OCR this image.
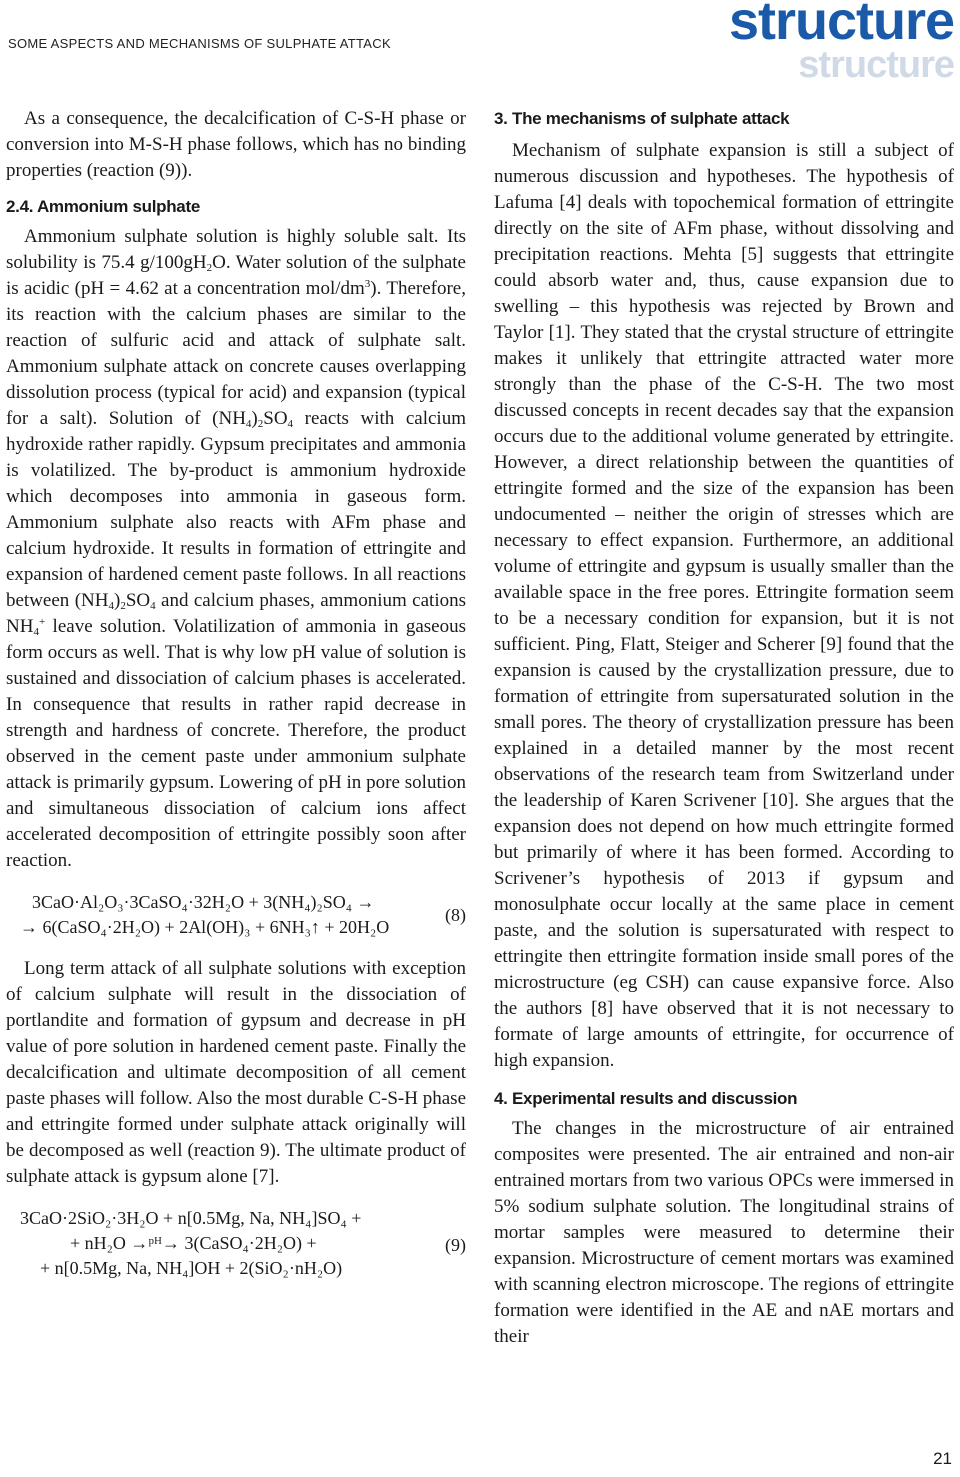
SOME ASPECTS AND MECHANISMS OF SULPHATE ATTACK
structure
structure

As a consequence, the decalcification of C-S-H phase or conversion into M-S-H phase follows, which has no binding properties (reaction (9)).

2.4. Ammonium sulphate

Ammonium sulphate solution is highly soluble salt. Its solubility is 75.4 $g/100gH_2O$. Water solution of the sulphate is acidic (pH = 4.62 at a concentration mol/$dm^3$). Therefore, its reaction with the calcium phases are similar to the reaction of sulfuric acid and attack of sulphate salt. Ammonium sulphate attack on concrete causes overlapping dissolution process (typical for acid) and expansion (typical for a salt). Solution of $(NH_4)_2SO_4$ reacts with calcium hydroxide rather rapidly. Gypsum precipitates and ammonia is volatilized. The by-product is ammonium hydroxide which decomposes into ammonia in gaseous form. Ammonium sulphate also reacts with AFm phase and calcium hydroxide. It results in formation of ettringite and expansion of hardened cement paste follows. In all reactions between $(NH_4)_2SO_4$ and calcium phases, ammonium cations $NH_4^+$ leave solution. Volatilization of ammonia in gaseous form occurs as well. That is why low pH value of solution is sustained and dissociation of calcium phases is accelerated. In consequence that results in rather rapid decrease in strength and hardness of concrete. Therefore, the product observed in the cement paste under ammonium sulphate attack is primarily gypsum. Lowering of pH in pore solution and simultaneous dissociation of calcium ions affect accelerated decomposition of ettringite possibly soon after reaction.

3CaO·Al₂O₃·3CaSO₄·32H₂O + 3(NH₄)₂SO₄ →
→ 6(CaSO₄·2H₂O) + 2Al(OH)₃ + 6NH₃↑ + 20H₂O
(8)

Long term attack of all sulphate solutions with exception of calcium sulphate will result in the dissociation of portlandite and formation of gypsum and decrease in pH value of pore solution in hardened cement paste. Finally the decalcification and ultimate decomposition of all cement paste phases will follow. Also the most durable C-S-H phase and ettringite formed under sulphate attack originally will be decomposed as well (reaction 9). The ultimate product of sulphate attack is gypsum alone [7].

3CaO·2SiO₂·3H₂O + n[0.5Mg, Na, NH₄]SO₄ +
+ nH₂O →ᵖᴴ→ 3(CaSO₄·2H₂O) +
+ n[0.5Mg, Na, NH₄]OH + 2(SiO₂·nH₂O)
(9)
3. The mechanisms of sulphate attack

Mechanism of sulphate expansion is still a subject of numerous discussion and hypotheses. The hypothesis of Lafuma [4] deals with topochemical formation of ettringite directly on the site of AFm phase, without dissolving and precipitation reactions. Mehta [5] suggests that ettringite could absorb water and, thus, cause expansion due to swelling – this hypothesis was rejected by Brown and Taylor [1]. They stated that the crystal structure of ettringite makes it unlikely that ettringite attracted water more strongly than the phase of the C-S-H. The two most discussed concepts in recent decades say that the expansion occurs due to the additional volume generated by ettringite. However, a direct relationship between the quantities of ettringite formed and the size of the expansion has been undocumented – neither the origin of stresses which are necessary to effect expansion. Furthermore, an additional volume of ettringite and gypsum is usually smaller than the available space in the free pores. Ettringite formation seem to be a necessary condition for expansion, but it is not sufficient. Ping, Flatt, Steiger and Scherer [9] found that the expansion is caused by the crystallization pressure, due to formation of ettringite from supersaturated solution in the small pores. The theory of crystallization pressure has been explained in a detailed manner by the most recent observations of the research team from Switzerland under the leadership of Karen Scrivener [10]. She argues that the expansion does not depend on how much ettringite formed but primarily of where it has been formed. According to Scrivener’s hypothesis of 2013 if gypsum and monosulphate occur locally at the same place in cement paste, and the solution is supersaturated with respect to ettringite then ettringite formation inside small pores of the microstructure (eg CSH) can cause expansive force. Also the authors [8] have observed that it is not necessary to formate of large amounts of ettringite, for occurrence of high expansion.

4. Experimental results and discussion

The changes in the microstructure of air entrained composites were presented. The air entrained and non-air entrained mortars from two various OPCs were immersed in 5% sodium sulphate solution. The longitudinal strains of mortar samples were measured to determine their expansion. Microstructure of cement mortars was examined with scanning electron microscope. The regions of ettringite formation were identified in the AE and nAE mortars and their

21
